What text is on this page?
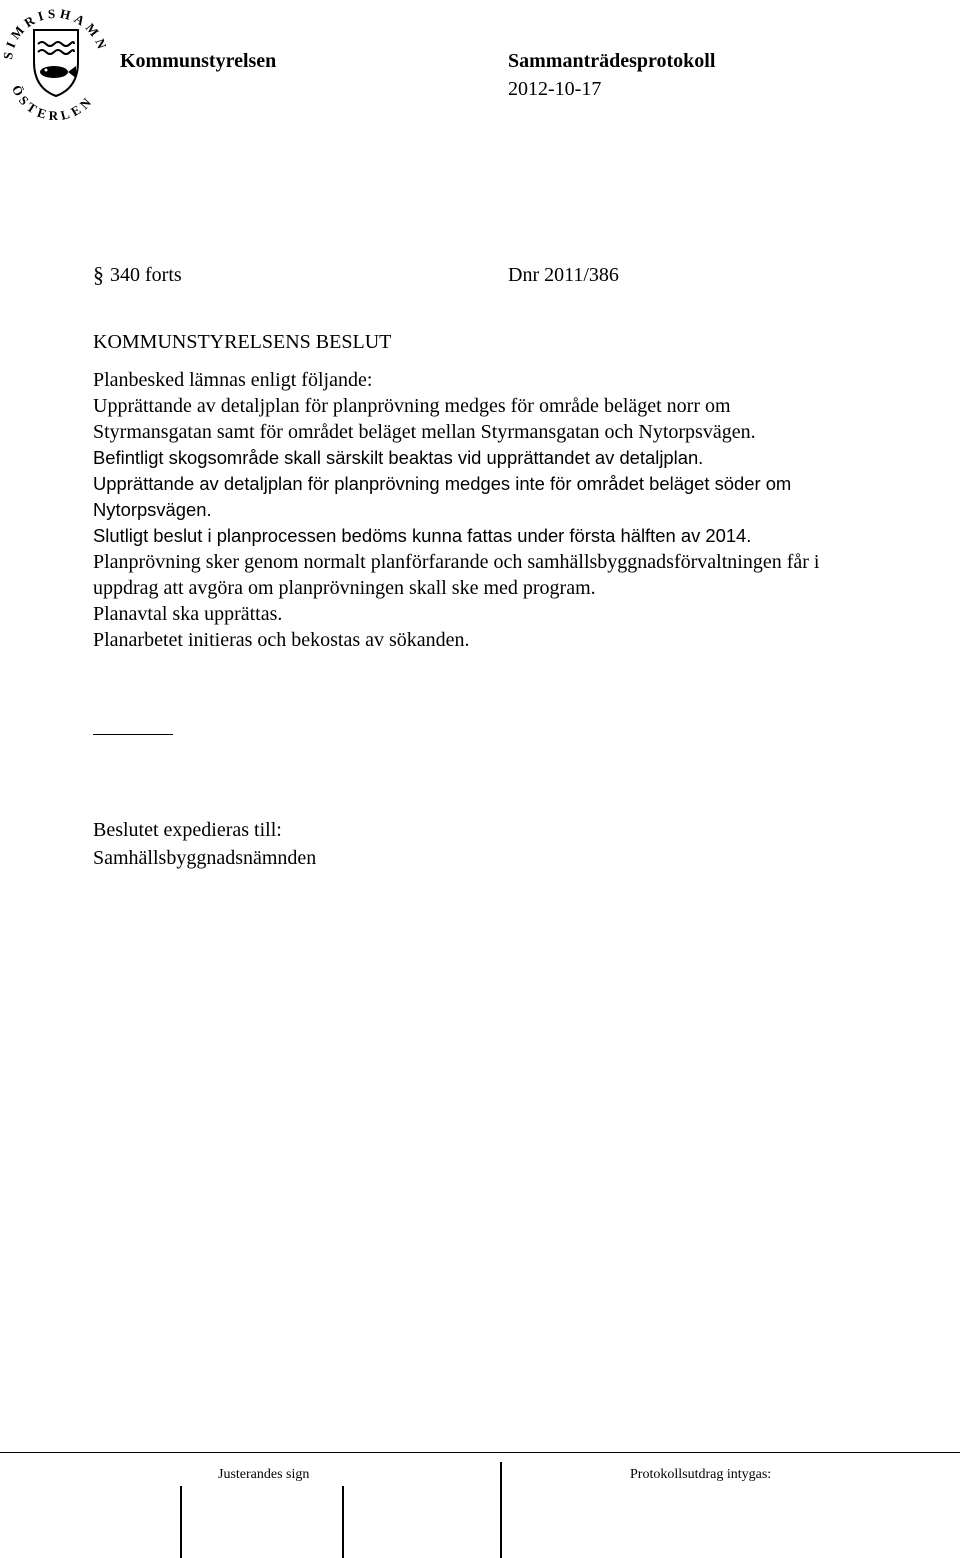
SIMRISHAMN
ÖSTERLEN
Kommunstyrelsen	Sammanträdesprotokoll
2012-10-17
§ 340 forts	Dnr 2011/386
KOMMUNSTYRELSENS BESLUT
Planbesked lämnas enligt följande:
Upprättande av detaljplan för planprövning medges för område beläget norr om
Styrmansgatan samt för området beläget mellan Styrmansgatan och Nytorpsvägen.
Befintligt skogsområde skall särskilt beaktas vid upprättandet av detaljplan.
Upprättande av detaljplan för planprövning medges inte för området beläget söder om
Nytorpsvägen.
Slutligt beslut i planprocessen bedöms kunna fattas under första hälften av 2014.
Planprövning sker genom normalt planförfarande och samhällsbyggnadsförvaltningen får i
uppdrag att avgöra om planprövningen skall ske med program.
Planavtal ska upprättas.
Planarbetet initieras och bekostas av sökanden.
Beslutet expedieras till:
Samhällsbyggnadsnämnden
Justerandes sign	Protokollsutdrag intygas:
